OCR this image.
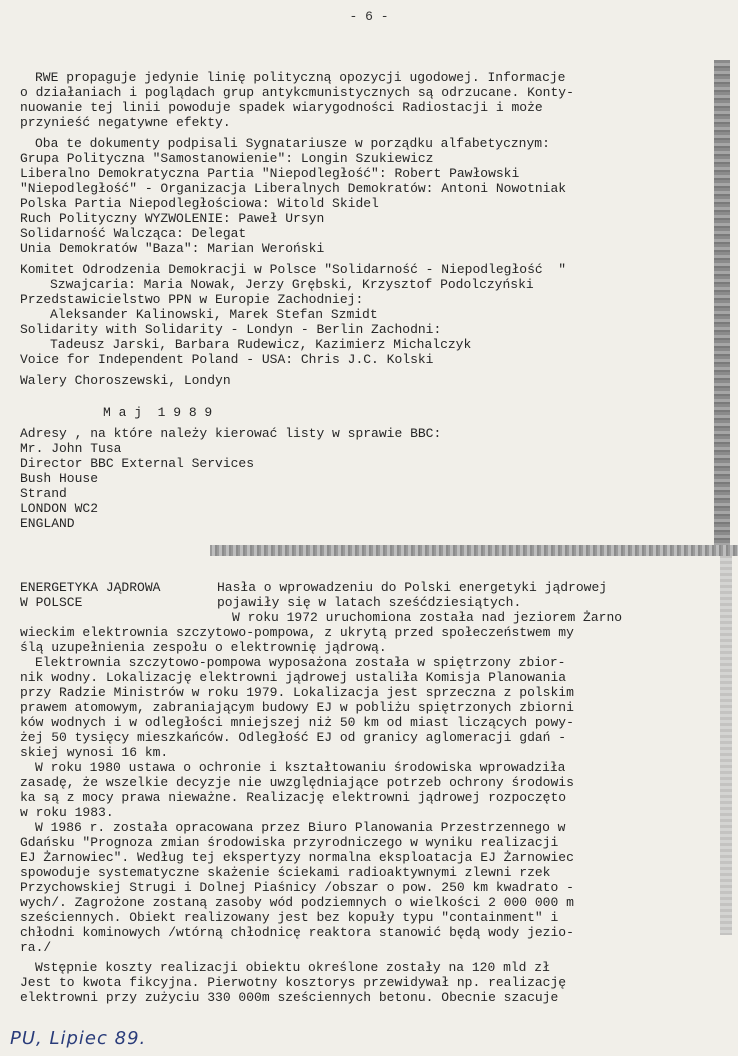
- 6 -
RWE propaguje jedynie linię polityczną opozycji ugodowej. Informacje
o działaniach i poglądach grup antykcmunistycznych są odrzucane. Konty-
nuowanie tej linii powoduje spadek wiarygodności Radiostacji i może
przynieść negatywne efekty.
Oba te dokumenty podpisali Sygnatariusze w porządku alfabetycznym:
Grupa Polityczna "Samostanowienie": Longin Szukiewicz
Liberalno Demokratyczna Partia "Niepodległość": Robert Pawłowski
"Niepodległość" - Organizacja Liberalnych Demokratów: Antoni Nowotniak
Polska Partia Niepodległościowa: Witold Skidel
Ruch Polityczny WYZWOLENIE: Paweł Ursyn
Solidarność Walcząca: Delegat
Unia Demokratów "Baza": Marian Weroński
Komitet Odrodzenia Demokracji w Polsce "Solidarność - Niepodległość  "
Szwajcaria: Maria Nowak, Jerzy Grębski, Krzysztof Podolczyński
Przedstawicielstwo PPN w Europie Zachodniej:
Aleksander Kalinowski, Marek Stefan Szmidt
Solidarity with Solidarity - Londyn - Berlin Zachodni:
Tadeusz Jarski, Barbara Rudewicz, Kazimierz Michalczyk
Voice for Independent Poland - USA: Chris J.C. Kolski
Walery Choroszewski, Londyn
M a j  1 9 8 9
Adresy , na które należy kierować listy w sprawie BBC:
Mr. John Tusa
Director BBC External Services
Bush House
Strand
LONDON WC2
ENGLAND
ENERGETYKA JĄDROWA	Hasła o wprowadzeniu do Polski energetyki jądrowej
W POLSCE	pojawiły się w latach sześćdziesiątych.
W roku 1972 uruchomiona została nad jeziorem Żarno
wieckim elektrownia szczytowo-pompowa, z ukrytą przed społeczeństwem my
ślą uzupełnienia zespołu o elektrownię jądrową.
Elektrownia szczytowo-pompowa wyposażona została w spiętrzony zbior-
nik wodny. Lokalizację elektrowni jądrowej ustaliła Komisja Planowania
przy Radzie Ministrów w roku 1979. Lokalizacja jest sprzeczna z polskim
prawem atomowym, zabraniającym budowy EJ w pobliżu spiętrzonych zbiorni
ków wodnych i w odległości mniejszej niż 50 km od miast liczących powy-
żej 50 tysięcy mieszkańców. Odległość EJ od granicy aglomeracji gdań -
skiej wynosi 16 km.
W roku 1980 ustawa o ochronie i kształtowaniu środowiska wprowadziła
zasadę, że wszelkie decyzje nie uwzględniające potrzeb ochrony środowis
ka są z mocy prawa nieważne. Realizację elektrowni jądrowej rozpoczęto
w roku 1983.
W 1986 r. została opracowana przez Biuro Planowania Przestrzennego w
Gdańsku "Prognoza zmian środowiska przyrodniczego w wyniku realizacji
EJ Żarnowiec". Według tej ekspertyzy normalna eksploatacja EJ Żarnowiec
spowoduje systematyczne skażenie ściekami radioaktywnymi zlewni rzek
Przychowskiej Strugi i Dolnej Piaśnicy /obszar o pow. 250 km kwadrato -
wych/. Zagrożone zostaną zasoby wód podziemnych o wielkości 2 000 000 m
sześciennych. Obiekt realizowany jest bez kopuły typu "containment" i
chłodni kominowych /wtórną chłodnicę reaktora stanowić będą wody jezio-
ra./
Wstępnie koszty realizacji obiektu określone zostały na 120 mld zł
Jest to kwota fikcyjna. Pierwotny kosztorys przewidywał np. realizację
elektrowni przy zużyciu 330 000m sześciennych betonu. Obecnie szacuje
PU, Lipiec 89.
